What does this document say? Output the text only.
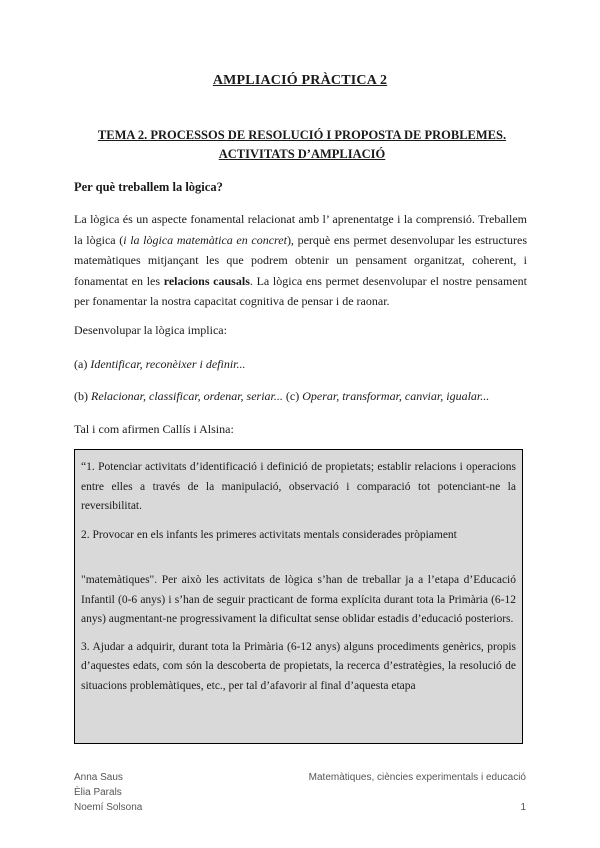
AMPLIACIÓ PRÀCTICA 2
TEMA 2. PROCESSOS DE RESOLUCIÓ I PROPOSTA DE PROBLEMES. ACTIVITATS D’AMPLIACIÓ
Per què treballem la lògica?
La lògica és un aspecte fonamental relacionat amb l’ aprenentatge i la comprensió. Treballem la lògica (i la lògica matemàtica en concret), perquè ens permet desenvolupar les estructures matemàtiques mitjançant les que podrem obtenir un pensament organitzat, coherent, i fonamentat en les relacions causals. La lògica ens permet desenvolupar el nostre pensament per fonamentar la nostra capacitat cognitiva de pensar i de raonar.
Desenvolupar la lògica implica:
(a) Identificar, reconèixer i definir...
(b) Relacionar, classificar, ordenar, seriar... (c) Operar, transformar, canviar, igualar...
Tal i com afirmen Callís i Alsina:

“1. Potenciar activitats d’identificació i definició de propietats; establir relacions i operacions entre elles a través de la manipulació, observació i comparació tot potenciant-ne la reversibilitat.

2. Provocar en els infants les primeres activitats mentals considerades pròpiament

"matemàtiques". Per això les activitats de lògica s’han de treballar ja a l’etapa d’Educació Infantil (0-6 anys) i s’han de seguir practicant de forma explícita durant tota la Primària (6-12 anys) augmentant-ne progressivament la dificultat sense oblidar estadis d’educació posteriors.

3. Ajudar a adquirir, durant tota la Primària (6-12 anys) alguns procediments genèrics, propis d’aquestes edats, com són la descoberta de propietats, la recerca d’estratègies, la resolució de situacions problemàtiques, etc., per tal d’afavorir al final d’aquesta etapa

Anna Saus
Èlia Parals
Noemí Solsona
Matemàtiques, ciències experimentals i educació
1
